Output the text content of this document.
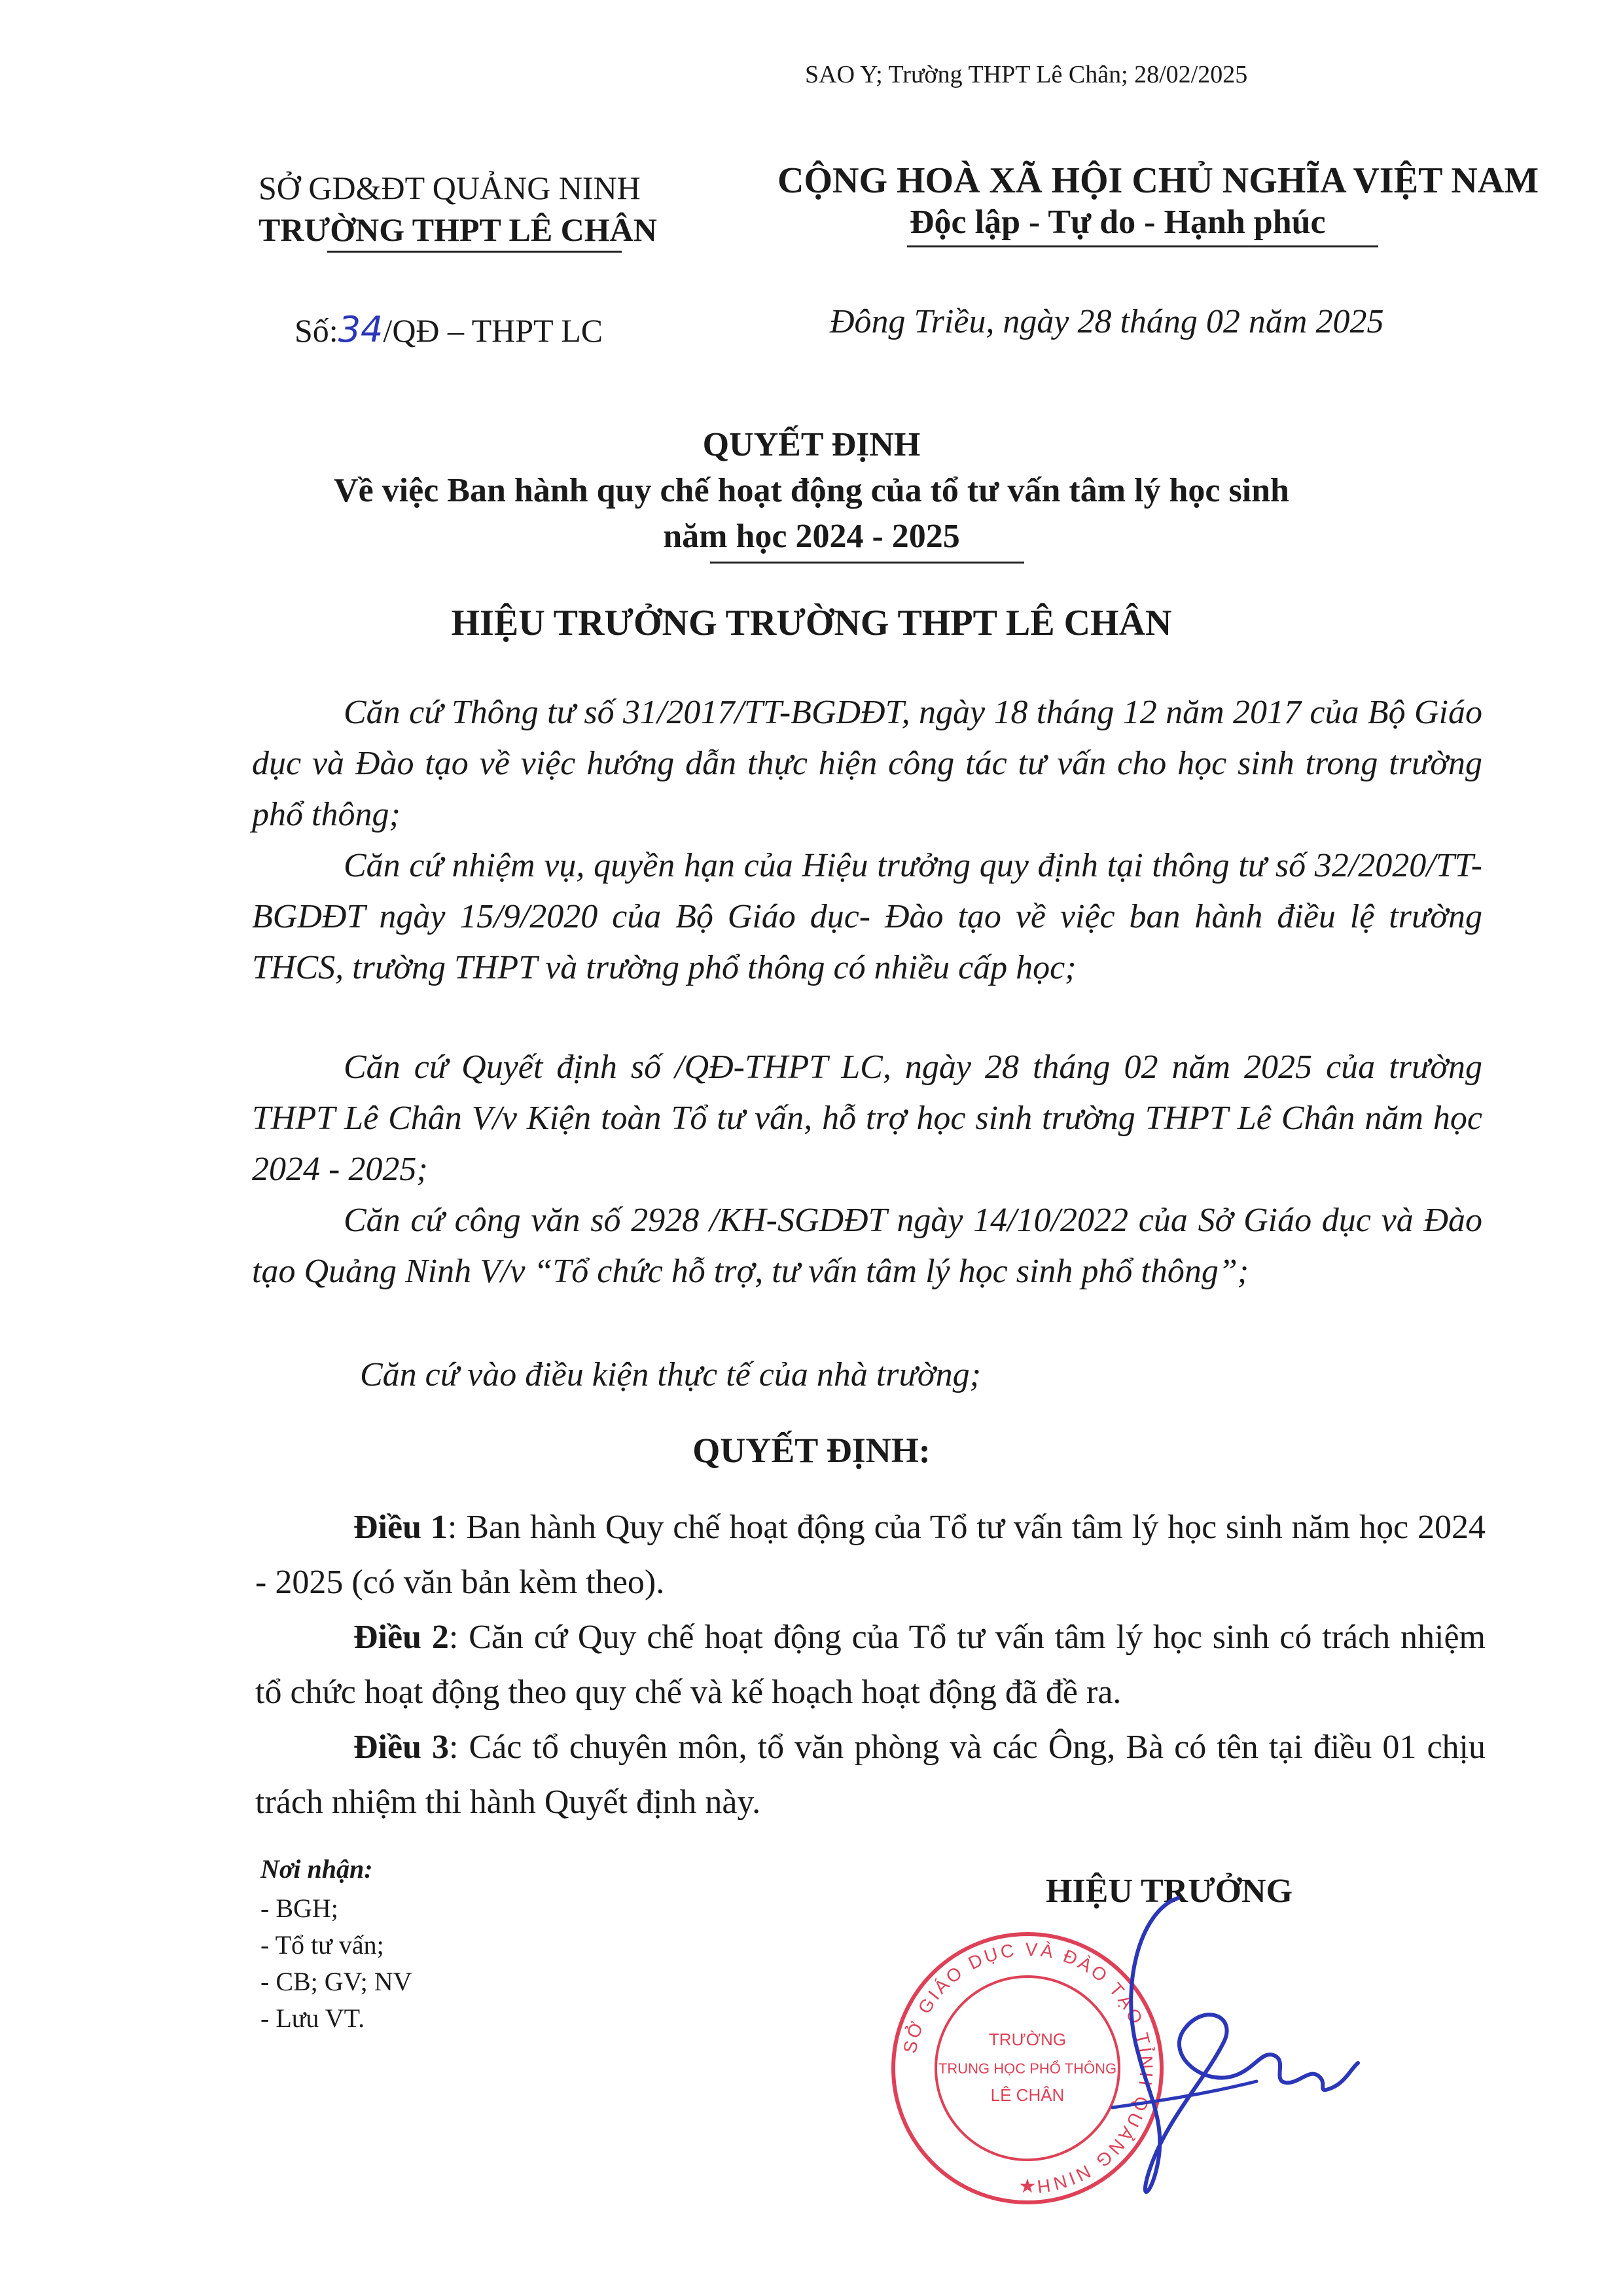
SAO Y; Trường THPT Lê Chân; 28/02/2025
SỞ GD&ĐT QUẢNG NINH
TRƯỜNG THPT LÊ CHÂN
CỘNG HOÀ XÃ HỘI CHỦ NGHĨA VIỆT NAM
Độc lập - Tự do - Hạnh phúc
Số:34/QĐ – THPT LC	Đông Triều, ngày 28 tháng 02 năm 2025
QUYẾT ĐỊNH
Về việc Ban hành quy chế hoạt động của tổ tư vấn tâm lý học sinh
năm học 2024 - 2025
HIỆU TRƯỞNG TRƯỜNG THPT LÊ CHÂN
Căn cứ Thông tư số 31/2017/TT-BGDĐT, ngày 18 tháng 12 năm 2017 của Bộ Giáo dục và Đào tạo về việc hướng dẫn thực hiện công tác tư vấn cho học sinh trong trường phổ thông;
Căn cứ nhiệm vụ, quyền hạn của Hiệu trưởng quy định tại thông tư số 32/2020/TT-BGDĐT ngày 15/9/2020 của Bộ Giáo dục- Đào tạo về việc ban hành điều lệ trường THCS, trường THPT và trường phổ thông có nhiều cấp học;
Căn cứ Quyết định số /QĐ-THPT LC, ngày 28 tháng 02 năm 2025 của trường THPT Lê Chân V/v Kiện toàn Tổ tư vấn, hỗ trợ học sinh trường THPT Lê Chân năm học 2024 - 2025;
Căn cứ công văn số 2928 /KH-SGDĐT ngày 14/10/2022 của Sở Giáo dục và Đào tạo Quảng Ninh V/v “Tổ chức hỗ trợ, tư vấn tâm lý học sinh phổ thông”;
Căn cứ vào điều kiện thực tế của nhà trường;
QUYẾT ĐỊNH:
Điều 1: Ban hành Quy chế hoạt động của Tổ tư vấn tâm lý học sinh năm học 2024 - 2025 (có văn bản kèm theo).
Điều 2: Căn cứ Quy chế hoạt động của Tổ tư vấn tâm lý học sinh có trách nhiệm tổ chức hoạt động theo quy chế và kế hoạch hoạt động đã đề ra.
Điều 3: Các tổ chuyên môn, tổ văn phòng và các Ông, Bà có tên tại điều 01 chịu trách nhiệm thi hành Quyết định này.
Nơi nhận:
- BGH;
- Tổ tư vấn;
- CB; GV; NV
- Lưu VT.
HIỆU TRƯỞNG
SỞ GIÁO DỤC VÀ ĐÀO TẠO TỈNH QUẢNG NINH
TRƯỜNG
TRUNG HỌC PHỔ THÔNG
LÊ CHÂN
★
